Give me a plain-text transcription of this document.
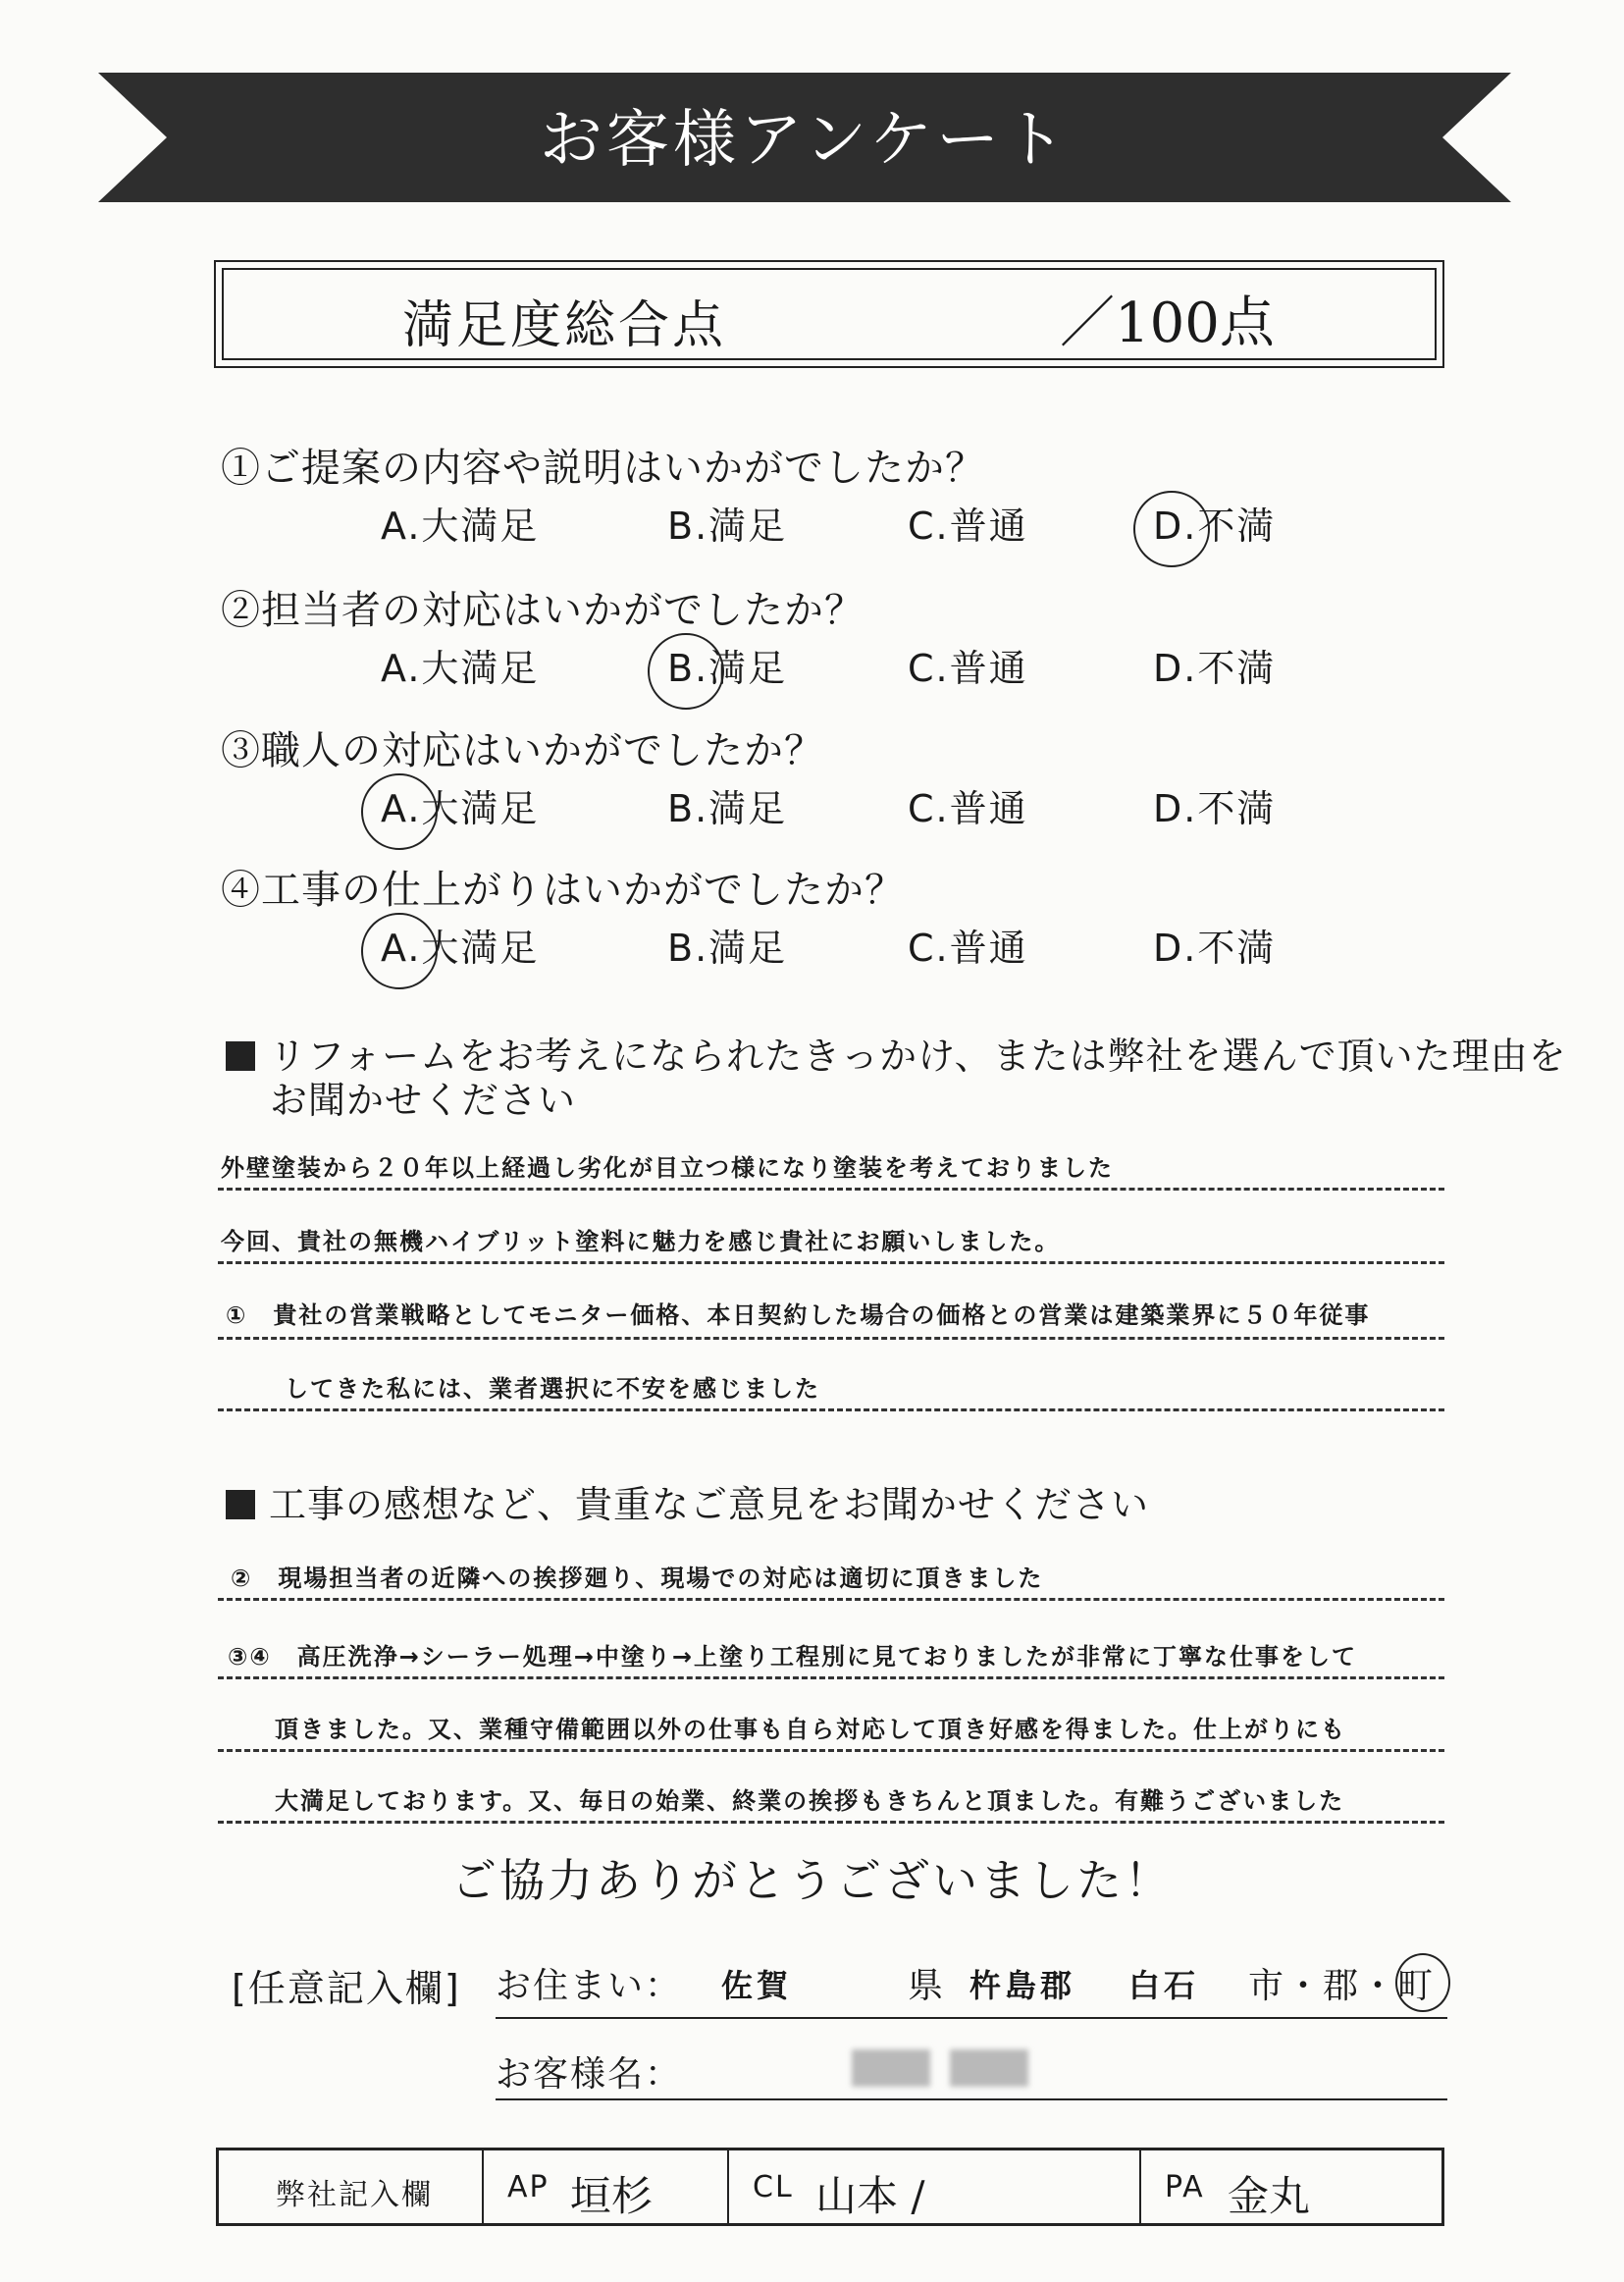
お客様アンケート
満足度総合点	／100点
①ご提案の内容や説明はいかがでしたか？
A.大満足	B.満足	C.普通	D.不満
②担当者の対応はいかがでしたか？
A.大満足	B.満足	C.普通	D.不満
③職人の対応はいかがでしたか？
A.大満足	B.満足	C.普通	D.不満
④工事の仕上がりはいかがでしたか？
A.大満足	B.満足	C.普通	D.不満
リフォームをお考えになられたきっかけ、または弊社を選んで頂いた理由を
お聞かせください
外壁塗装から２０年以上経過し劣化が目立つ様になり塗装を考えておりました
今回、貴社の無機ハイブリット塗料に魅力を感じ貴社にお願いしました。
①　貴社の営業戦略としてモニター価格、本日契約した場合の価格との営業は建築業界に５０年従事
してきた私には、業者選択に不安を感じました
工事の感想など、貴重なご意見をお聞かせください
②　現場担当者の近隣への挨拶廻り、現場での対応は適切に頂きました
③④　高圧洗浄→シーラー処理→中塗り→上塗り工程別に見ておりましたが非常に丁寧な仕事をして
頂きました。又、業種守備範囲以外の仕事も自ら対応して頂き好感を得ました。仕上がりにも
大満足しております。又、毎日の始業、終業の挨拶もきちんと頂ました。有難うございました
ご協力ありがとうございました！
[任意記入欄] お住まい： 佐賀	県 杵島郡 白石 市・郡・町
お客様名：
弊社記入欄	AP 垣杉	CL 山本 /	PA 金丸
